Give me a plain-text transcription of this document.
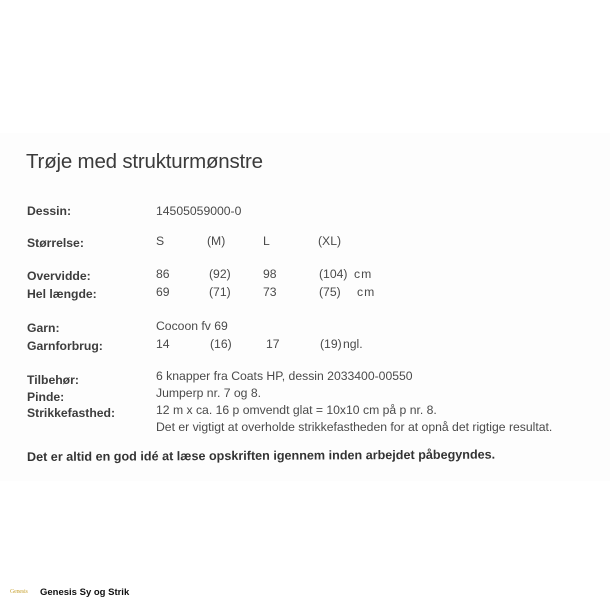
Trøje med strukturmønstre
Dessin:	14505059000-0
Størrelse:	S	(M)	L	(XL)
Overvidde:	86	(92)	98	(104) cm
Hel længde:	69	(71)	73	(75) cm
Garn:	Cocoon fv 69
Garnforbrug:	14	(16)	17	(19) ngl.
Tilbehør:	6 knapper fra Coats HP, dessin 2033400-00550
Pinde:	Jumperp nr. 7 og 8.
Strikkefasthed:	12 m x ca. 16 p omvendt glat = 10x10 cm på p nr. 8.
Det er vigtigt at overholde strikkefastheden for at opnå det rigtige resultat.
Det er altid en god idé at læse opskriften igennem inden arbejdet påbegyndes.
Genesis	Genesis Sy og Strik
